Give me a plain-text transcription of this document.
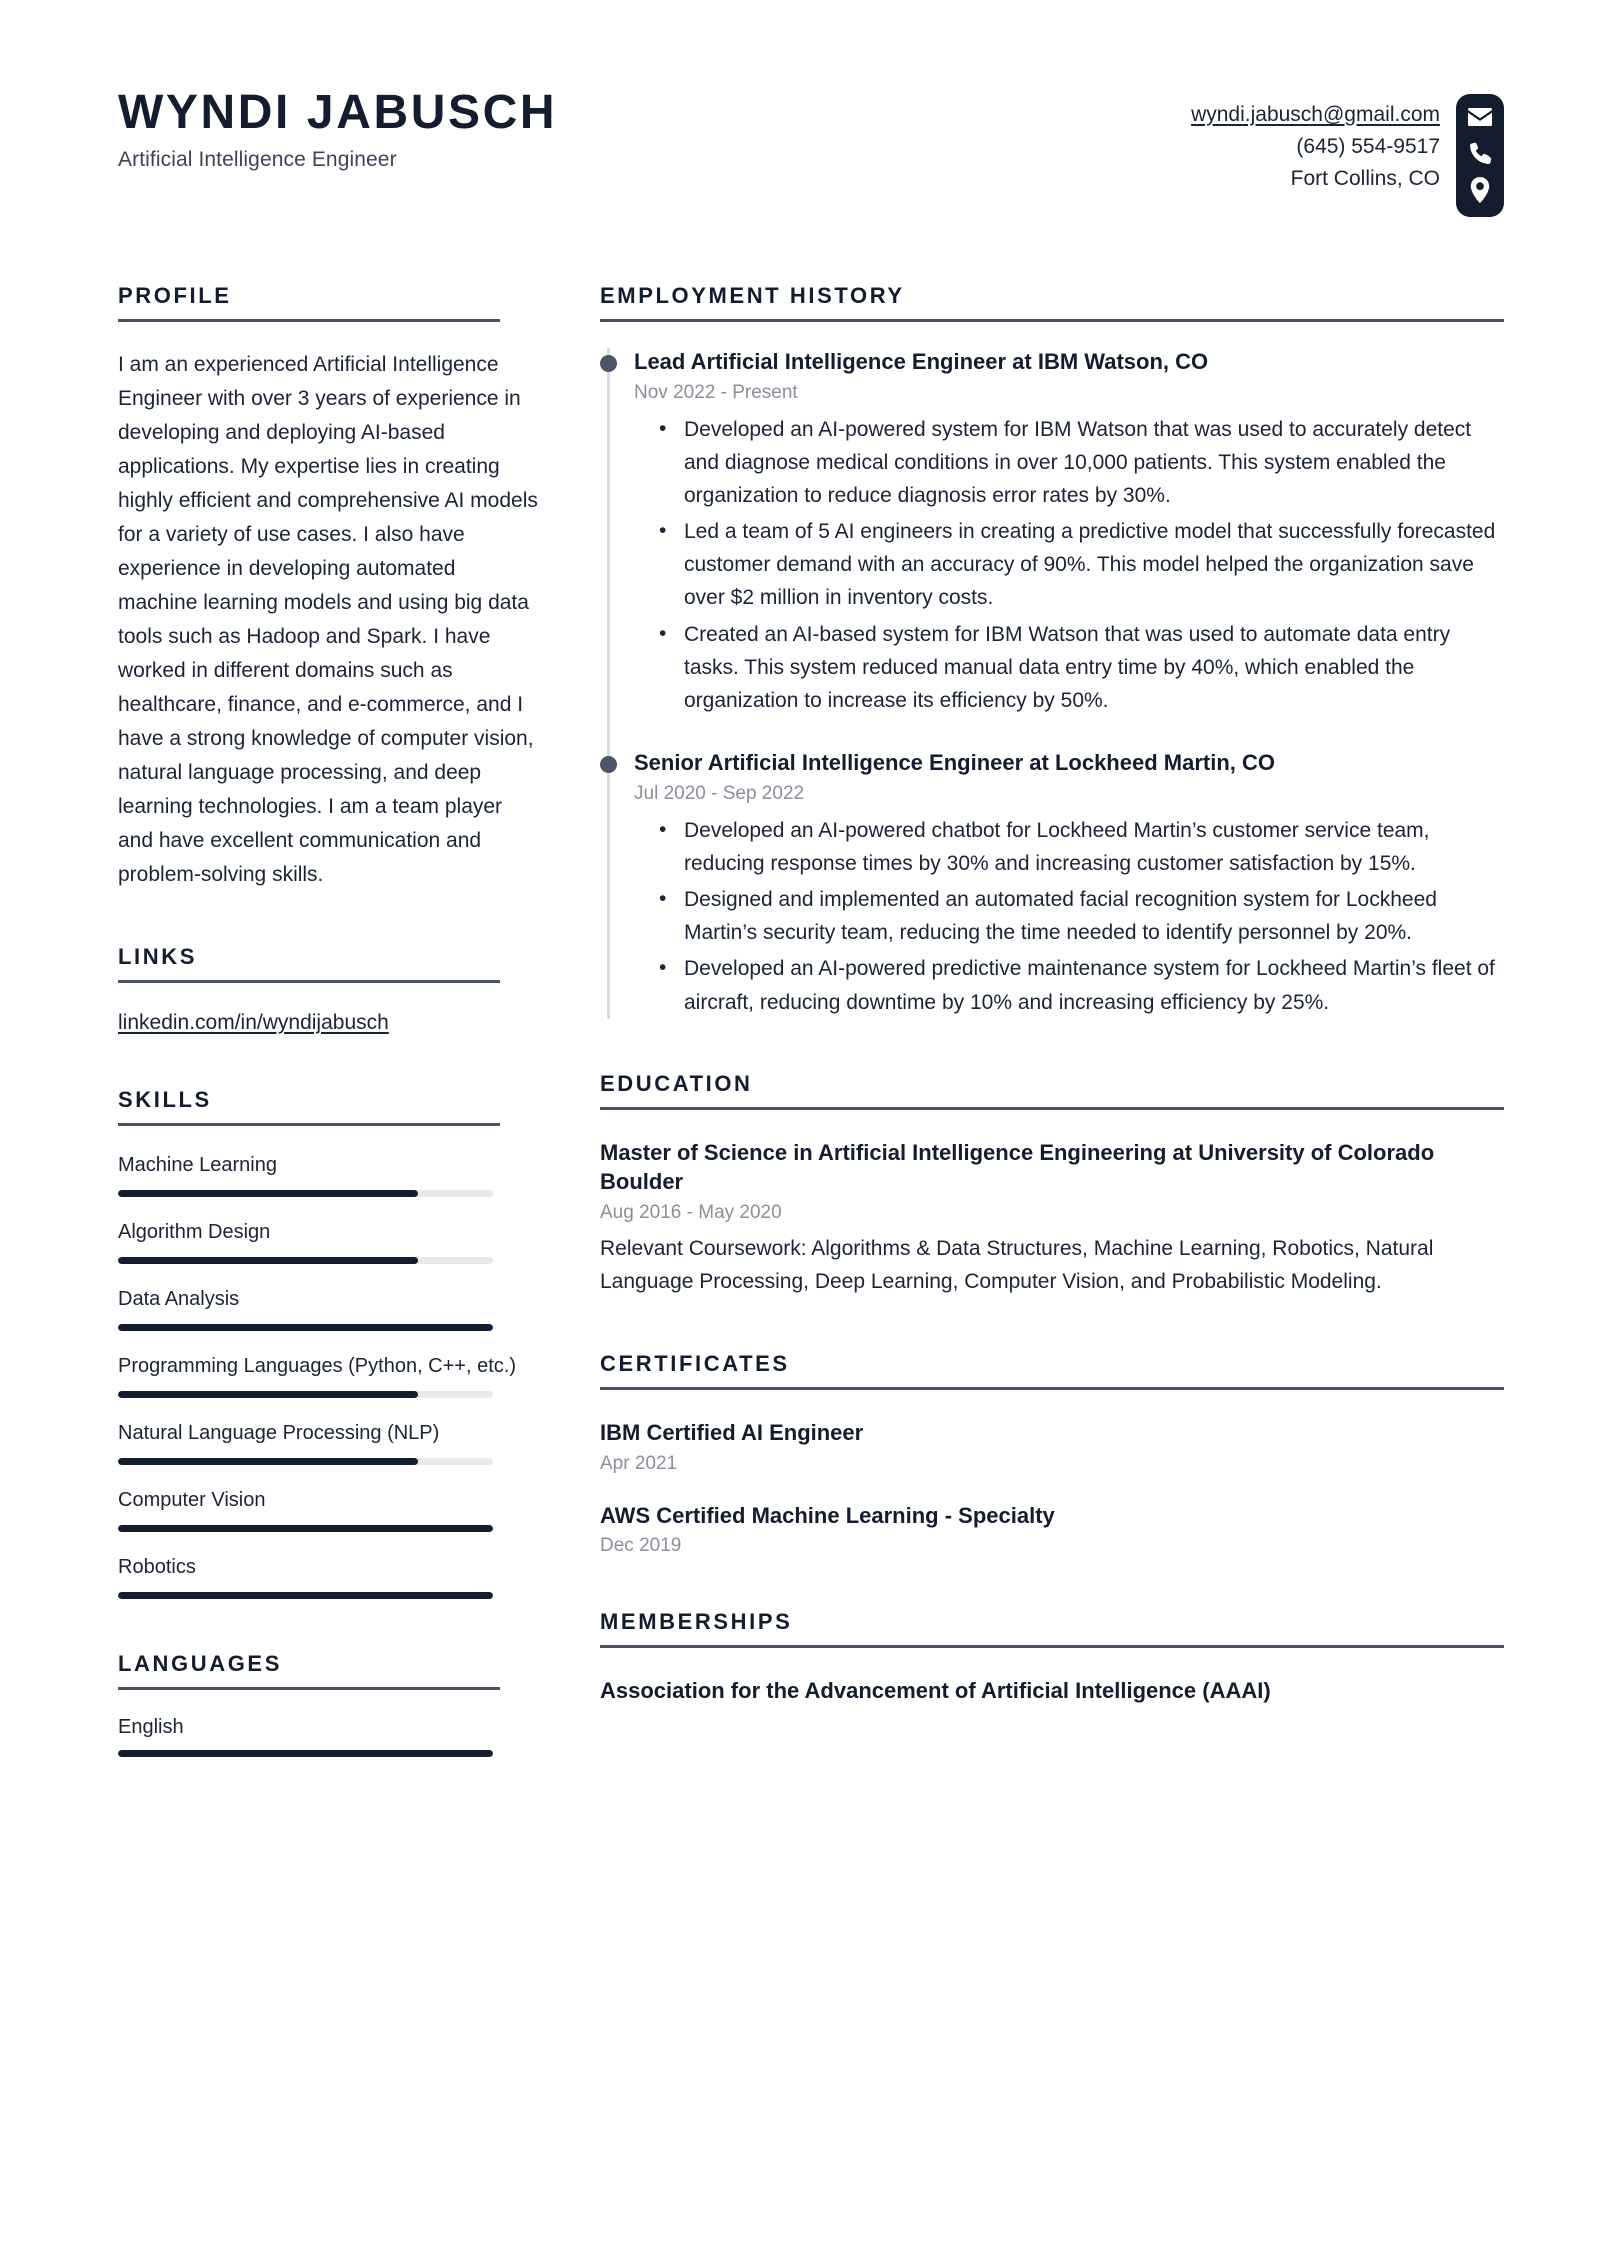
WYNDI JABUSCH
Artificial Intelligence Engineer
wyndi.jabusch@gmail.com
(645) 554-9517
Fort Collins, CO
PROFILE
I am an experienced Artificial Intelligence Engineer with over 3 years of experience in developing and deploying AI-based applications. My expertise lies in creating highly efficient and comprehensive AI models for a variety of use cases. I also have experience in developing automated machine learning models and using big data tools such as Hadoop and Spark. I have worked in different domains such as healthcare, finance, and e-commerce, and I have a strong knowledge of computer vision, natural language processing, and deep learning technologies. I am a team player and have excellent communication and problem-solving skills.
LINKS
linkedin.com/in/wyndijabusch
SKILLS
Machine Learning
Algorithm Design
Data Analysis
Programming Languages (Python, C++, etc.)
Natural Language Processing (NLP)
Computer Vision
Robotics
LANGUAGES
English
EMPLOYMENT HISTORY
Lead Artificial Intelligence Engineer at IBM Watson, CO
Nov 2022 - Present
• Developed an AI-powered system for IBM Watson that was used to accurately detect and diagnose medical conditions in over 10,000 patients. This system enabled the organization to reduce diagnosis error rates by 30%.
• Led a team of 5 AI engineers in creating a predictive model that successfully forecasted customer demand with an accuracy of 90%. This model helped the organization save over $2 million in inventory costs.
• Created an AI-based system for IBM Watson that was used to automate data entry tasks. This system reduced manual data entry time by 40%, which enabled the organization to increase its efficiency by 50%.
Senior Artificial Intelligence Engineer at Lockheed Martin, CO
Jul 2020 - Sep 2022
• Developed an AI-powered chatbot for Lockheed Martin’s customer service team, reducing response times by 30% and increasing customer satisfaction by 15%.
• Designed and implemented an automated facial recognition system for Lockheed Martin’s security team, reducing the time needed to identify personnel by 20%.
• Developed an AI-powered predictive maintenance system for Lockheed Martin’s fleet of aircraft, reducing downtime by 10% and increasing efficiency by 25%.
EDUCATION
Master of Science in Artificial Intelligence Engineering at University of Colorado Boulder
Aug 2016 - May 2020
Relevant Coursework: Algorithms & Data Structures, Machine Learning, Robotics, Natural Language Processing, Deep Learning, Computer Vision, and Probabilistic Modeling.
CERTIFICATES
IBM Certified AI Engineer
Apr 2021
AWS Certified Machine Learning - Specialty
Dec 2019
MEMBERSHIPS
Association for the Advancement of Artificial Intelligence (AAAI)
